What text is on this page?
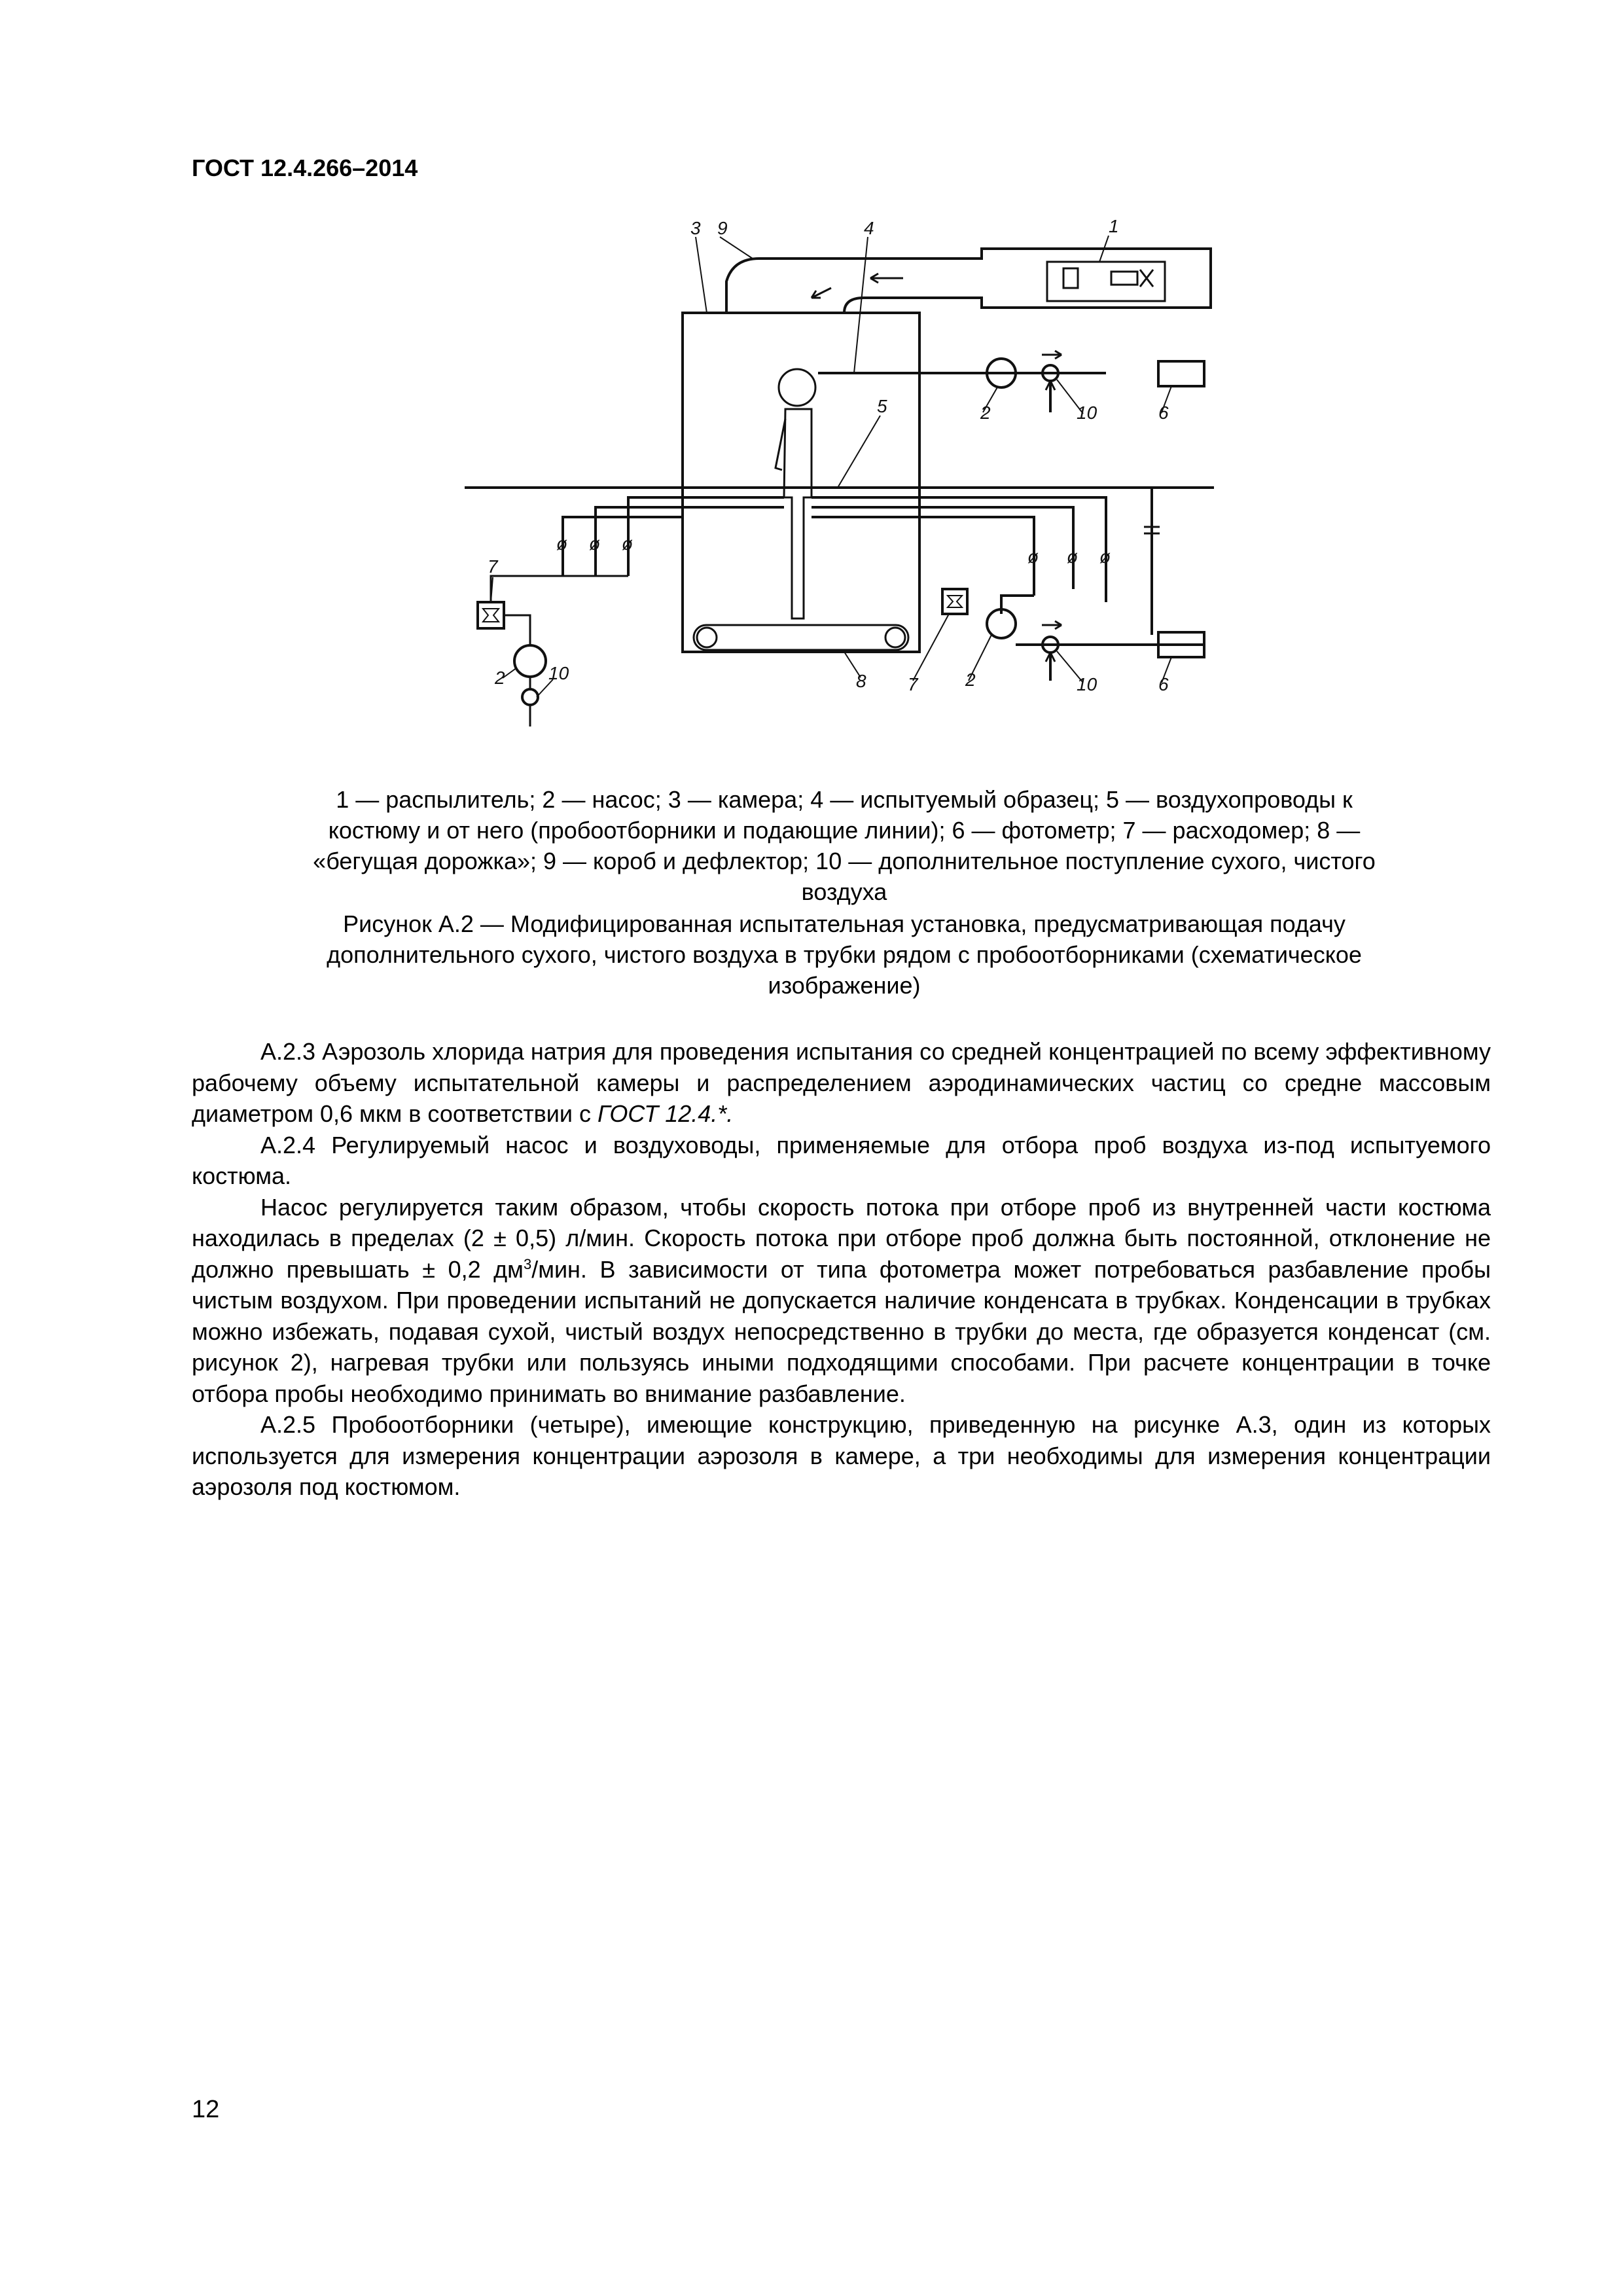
ГОСТ 12.4.266–2014
ø ø ø
ø ø ø
1
2
2	2
3	4
5	6
6
7
7
8
9
10
10
10
1 — распылитель; 2 — насос; 3 — камера; 4 — испытуемый образец; 5 — воздухопроводы к
костюму и от него (пробоотборники и подающие линии); 6 — фотометр; 7 — расходомер; 8 —
«бегущая дорожка»; 9 — короб и дефлектор; 10 — дополнительное поступление сухого, чистого
воздуха
Рисунок А.2 — Модифицированная испытательная установка, предусматривающая подачу
дополнительного сухого, чистого воздуха в трубки рядом с пробоотборниками (схематическое
изображение)
А.2.3 Аэрозоль хлорида натрия для проведения испытания со средней концентрацией по всему эффективному рабочему объему испытательной камеры и распределением аэродинамических частиц со средне массовым диаметром 0,6 мкм в соответствии с ГОСТ 12.4.*.
А.2.4 Регулируемый насос и воздуховоды, применяемые для отбора проб воздуха из-под испытуемого костюма.
Насос регулируется таким образом, чтобы скорость потока при отборе проб из внутренней части костюма находилась в пределах (2 ± 0,5) л/мин. Скорость потока при отборе проб должна быть постоянной, отклонение не должно превышать ± 0,2 $дм^3$/мин. В зависимости от типа фотометра может потребоваться разбавление пробы чистым воздухом. При проведении испытаний не допускается наличие конденсата в трубках. Конденсации в трубках можно избежать, подавая сухой, чистый воздух непосредственно в трубки до места, где образуется конденсат (см. рисунок 2), нагревая трубки или пользуясь иными подходящими способами. При расчете концентрации в точке отбора пробы необходимо принимать во внимание разбавление.
А.2.5 Пробоотборники (четыре), имеющие конструкцию, приведенную на рисунке А.3, один из которых используется для измерения концентрации аэрозоля в камере, а три необходимы для измерения концентрации аэрозоля под костюмом.
12
